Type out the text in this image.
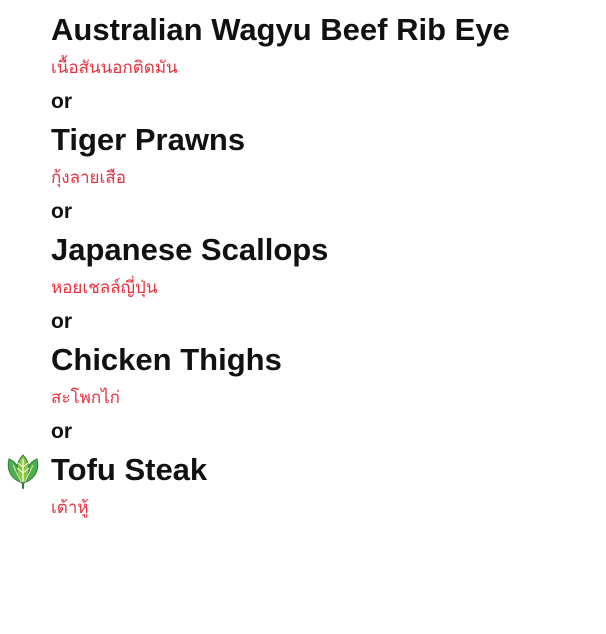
Australian Wagyu Beef Rib Eye
เนื้อสันนอกติดมัน
or
Tiger Prawns
กุ้งลายเสือ
or
Japanese Scallops
หอยเชลล์ญี่ปุ่น
or
Chicken Thighs
สะโพกไก่
or
Tofu Steak
เต้าหู้
